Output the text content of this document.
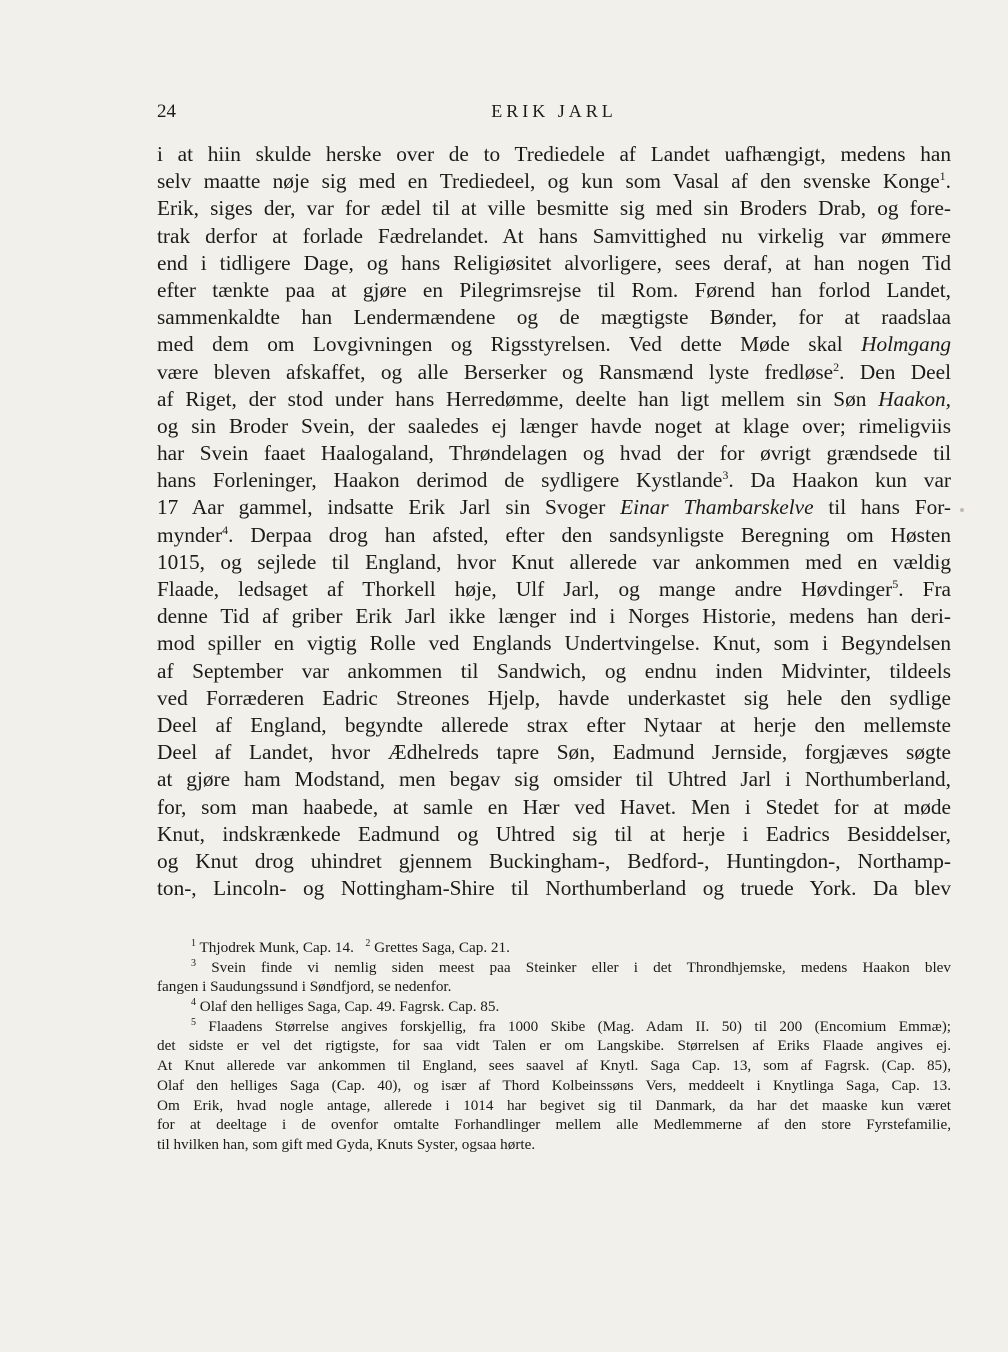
24	ERIK JARL
i at hiin skulde herske over de to Trediedele af Landet uafhængigt, medens han
selv maatte nøje sig med en Trediedeel, og kun som Vasal af den svenske Konge$^1$.
Erik, siges der, var for ædel til at ville besmitte sig med sin Broders Drab, og fore-
trak derfor at forlade Fædrelandet. At hans Samvittighed nu virkelig var ømmere
end i tidligere Dage, og hans Religiøsitet alvorligere, sees deraf, at han nogen Tid
efter tænkte paa at gjøre en Pilegrimsrejse til Rom. Førend han forlod Landet,
sammenkaldte han Lendermændene og de mægtigste Bønder, for at raadslaa
med dem om Lovgivningen og Rigsstyrelsen. Ved dette Møde skal Holmgang
være bleven afskaffet, og alle Berserker og Ransmænd lyste fredløse$^2$. Den Deel
af Riget, der stod under hans Herredømme, deelte han ligt mellem sin Søn Haakon,
og sin Broder Svein, der saaledes ej længer havde noget at klage over; rimeligviis
har Svein faaet Haalogaland, Thrøndelagen og hvad der for øvrigt grændsede til
hans Forleninger, Haakon derimod de sydligere Kystlande$^3$. Da Haakon kun var
17 Aar gammel, indsatte Erik Jarl sin Svoger Einar Thambarskelve til hans For-
mynder$^4$. Derpaa drog han afsted, efter den sandsynligste Beregning om Høsten
1015, og sejlede til England, hvor Knut allerede var ankommen med en vældig
Flaade, ledsaget af Thorkell høje, Ulf Jarl, og mange andre Høvdinger$^5$. Fra
denne Tid af griber Erik Jarl ikke længer ind i Norges Historie, medens han deri-
mod spiller en vigtig Rolle ved Englands Undertvingelse. Knut, som i Begyndelsen
af September var ankommen til Sandwich, og endnu inden Midvinter, tildeels
ved Forræderen Eadric Streones Hjelp, havde underkastet sig hele den sydlige
Deel af England, begyndte allerede strax efter Nytaar at herje den mellemste
Deel af Landet, hvor Ædhelreds tapre Søn, Eadmund Jernside, forgjæves søgte
at gjøre ham Modstand, men begav sig omsider til Uhtred Jarl i Northumberland,
for, som man haabede, at samle en Hær ved Havet. Men i Stedet for at møde
Knut, indskrænkede Eadmund og Uhtred sig til at herje i Eadrics Besiddelser,
og Knut drog uhindret gjennem Buckingham-, Bedford-, Huntingdon-, Northamp-
ton-, Lincoln- og Nottingham-Shire til Northumberland og truede York. Da blev
$^1$ Thjodrek Munk, Cap. 14. $^2$ Grettes Saga, Cap. 21.
$^3$ Svein finde vi nemlig siden meest paa Steinker eller i det Throndhjemske, medens Haakon blev
fangen i Saudungssund i Søndfjord, se nedenfor.
$^4$ Olaf den helliges Saga, Cap. 49. Fagrsk. Cap. 85.
$^5$ Flaadens Størrelse angives forskjellig, fra 1000 Skibe (Mag. Adam II. 50) til 200 (Encomium Emmæ);
det sidste er vel det rigtigste, for saa vidt Talen er om Langskibe. Størrelsen af Eriks Flaade angives ej.
At Knut allerede var ankommen til England, sees saavel af Knytl. Saga Cap. 13, som af Fagrsk. (Cap. 85),
Olaf den helliges Saga (Cap. 40), og især af Thord Kolbeinssøns Vers, meddeelt i Knytlinga Saga, Cap. 13.
Om Erik, hvad nogle antage, allerede i 1014 har begivet sig til Danmark, da har det maaske kun været
for at deeltage i de ovenfor omtalte Forhandlinger mellem alle Medlemmerne af den store Fyrstefamilie,
til hvilken han, som gift med Gyda, Knuts Syster, ogsaa hørte.
